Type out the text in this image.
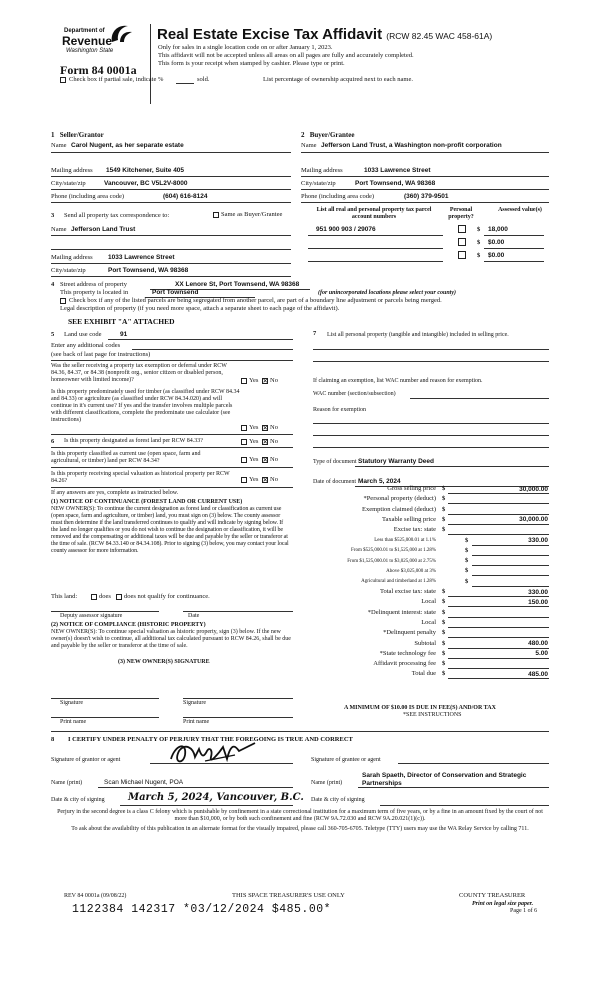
Department of
Revenue
Washington State
Real Estate Excise Tax Affidavit (RCW 82.45 WAC 458-61A)
Only for sales in a single location code on or after January 1, 2023.
This affidavit will not be accepted unless all areas on all pages are fully and accurately completed.
This form is your receipt when stamped by cashier. Please type or print.
Form 84 0001a
Check box if partial sale, indicate %	sold.	List percentage of ownership acquired next to each name.
1 Seller/Grantor
Name Carol Nugent, as her separate estate
Mailing address 1549 Kitchener, Suite 405
City/state/zip	Vancouver, BC V5L2V-8000
Phone (including area code)	(604) 616-8124
2 Buyer/Grantee
Name Jefferson Land Trust, a Washington non-profit corporation
Mailing address	1033 Lawrence Street
City/state/zip	Port Townsend, WA 98368
Phone (including area code)	(360) 379-9501
3 Send all property tax correspondence to:	Same as Buyer/Grantee
Name Jefferson Land Trust
Mailing address 1033 Lawrence Street
City/state/zip	Port Townsend, WA 98368
List all real and personal property tax parcel account numbers
Personal property?
Assessed value(s)
951 900 903 / 29076	$ 18,000
$ $0.00
$ $0.00
4 Street address of property	XX Lenore St, Port Townsend, WA 98368
This property is located in	Port Townsend	(for unincorporated locations please select your county)
Check box if any of the listed parcels are being segregated from another parcel, are part of a boundary line adjustment or parcels being merged.
Legal description of property (if you need more space, attach a separate sheet to each page of the affidavit).
SEE EXHIBIT "A" ATTACHED
5 Land use code	91
Enter any additional codes
(see back of last page for instructions)
Was the seller receiving a property tax exemption or deferral under RCW 84.36, 84.37, or 84.38 (nonprofit org., senior citizen or disabled person, homeowner with limited income)?	Yes ✕ No
Is this property predominately used for timber (as classified under RCW 84.34 and 84.33) or agriculture (as classified under RCW 84.34.020) and will continue in it's current use? If yes and the transfer involves multiple parcels with different classifications, complete the predominate use calculator (see instructions)
Yes ✕ No
6 Is this property designated as forest land per RCW 84.33?	Yes ✕ No
Is this property classified as current use (open space, farm and agricultural, or timber) land per RCW 84.34?	Yes ✕ No
Is this property receiving special valuation as historical property per RCW 84.26?	Yes ✕ No
If any answers are yes, complete as instructed below.
(1) NOTICE OF CONTINUANCE (FOREST LAND OR CURRENT USE)
NEW OWNER(S): To continue the current designation as forest land or classification as current use (open space, farm and agriculture, or timber) land, you must sign on (3) below. The county assessor must then determine if the land transferred continues to qualify and will indicate by signing below. If the land no longer qualifies or you do not wish to continue the designation or classification, it will be removed and the compensating or additional taxes will be due and payable by the seller or transferor at the time of sale. (RCW 84.33.140 or 84.34.108). Prior to signing (3) below, you may contact your local county assessor for more information.
This land:	does does not qualify for continuance.
Deputy assessor signature	Date
(2) NOTICE OF COMPLIANCE (HISTORIC PROPERTY)
NEW OWNER(S): To continue special valuation as historic property, sign (3) below. If the new owner(s) doesn't wish to continue, all additional tax calculated pursuant to RCW 84.26, shall be due and payable by the seller or transferor at the time of sale.
(3) NEW OWNER(S) SIGNATURE
Signature	Signature
Print name	Print name
7	List all personal property (tangible and intangible) included in selling price.
If claiming an exemption, list WAC number and reason for exemption.
WAC number (section/subsection)
Reason for exemption
Type of document Statutory Warranty Deed
Date of document March 5, 2024
Gross selling price $	30,000.00
*Personal property (deduct) $
Exemption claimed (deduct) $
Taxable selling price $	30,000.00
Excise tax: state $
Less than $525,000.01 at 1.1%	$	330.00
From $525,000.01 to $1,525,000 at 1.28%	$
From $1,525,000.01 to $3,025,000 at 2.75%	$
Above $3,025,000 at 3%	$
Agricultural and timberland at 1.28%	$
Total excise tax: state $	330.00
Local $	150.00
*Delinquent interest: state $
Local $
*Delinquent penalty $
Subtotal $	480.00
*State technology fee $	5.00
Affidavit processing fee $
Total due $	485.00
A MINIMUM OF $10.00 IS DUE IN FEE(S) AND/OR TAX
*SEE INSTRUCTIONS
8 I CERTIFY UNDER PENALTY OF PERJURY THAT THE FOREGOING IS TRUE AND CORRECT
Signature of grantor or agent	Signature of grantee or agent
Name (print)	Scan Michael Nugent, POA	Name (print)
Sarah Spaeth, Director of Conservation and Strategic Partnerships
Date & city of signing March 5, 2024, Vancouver, B.C. Date & city of signing
Perjury in the second degree is a class C felony which is punishable by confinement in a state correctional institution for a maximum term of five years, or by a fine in an amount fixed by the court of not more than $10,000, or by both such confinement and fine (RCW 9A.72.030 and RCW 9A.20.021(1)(c)).
To ask about the availability of this publication in an alternate format for the visually impaired, please call 360-705-6705. Teletype (TTY) users may use the WA Relay Service by calling 711.
REV 84 0001a (09/08/22)	THIS SPACE TREASURER'S USE ONLY	COUNTY TREASURER
Print on legal size paper.
Page 1 of 6
1122384 142317 *03/12/2024 $485.00*
